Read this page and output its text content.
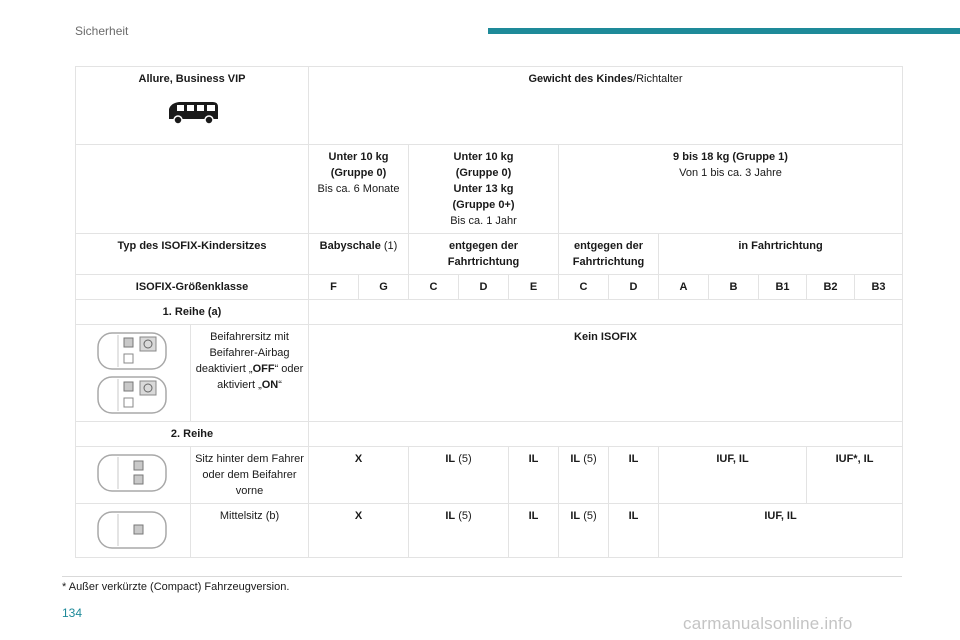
Sicherheit
Allure, Business VIP		Gewicht des Kindes/Richtalter											

		Unter 10 kg
(Gruppe 0)
Bis ca. 6 Monate		Unter 10 kg
(Gruppe 0)
Unter 13 kg
(Gruppe 0+)
Bis ca. 1 Jahr			9 bis 18 kg (Gruppe 1)
Von 1 bis ca. 3 Jahre						

Typ des ISOFIX-Kindersitzes		Babyschale (1)		entgegen der Fahrtrichtung			entgegen der Fahrtrichtung		in Fahrtrichtung				
ISOFIX-Größenklasse		F	G	C	D	E	C	D	A	B	B1	B2	B3
1. Reihe (a)													

	Beifahrersitz mit Beifahrer-Airbag deaktiviert „OFF“ oder aktiviert „ON“	Kein ISOFIX											
2. Reihe													

	Sitz hinter dem Fahrer oder dem Beifahrer vorne	X		IL (5)		IL	IL (5)	IL	IUF, IL			IUF*, IL	

	Mittelsitz (b)	X		IL (5)		IL	IL (5)	IL	IUF, IL				
* Außer verkürzte (Compact) Fahrzeugversion.
134
carmanualsonline.info
